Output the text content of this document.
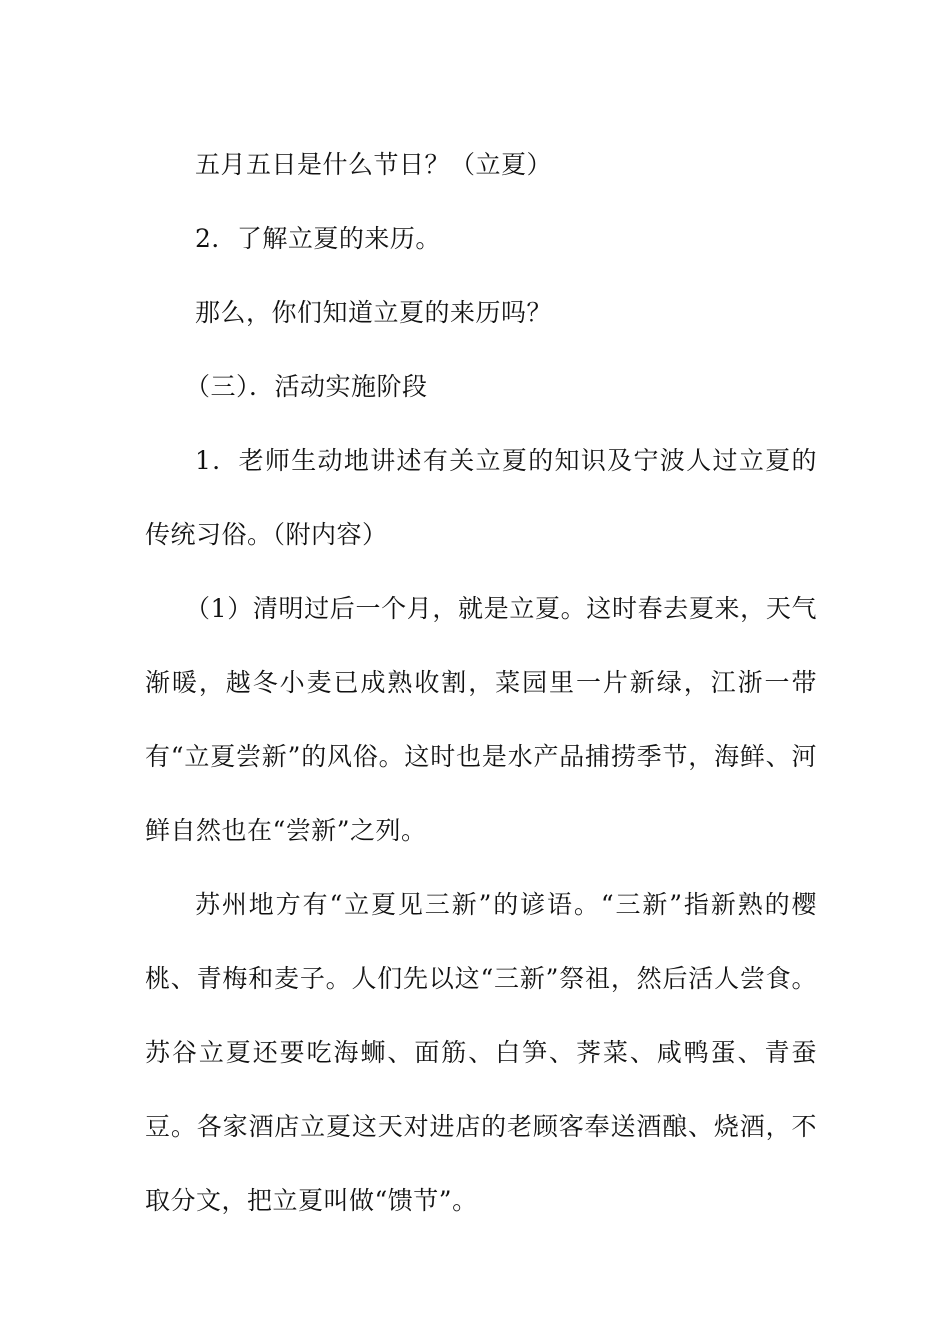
五月五日是什么节日？（立夏）

2．了解立夏的来历。

那么，你们知道立夏的来历吗？

（三）．活动实施阶段

1．老师生动地讲述有关立夏的知识及宁波人过立夏的传统习俗。（附内容）

（1）清明过后一个月，就是立夏。这时春去夏来，天气渐暖，越冬小麦已成熟收割，菜园里一片新绿，江浙一带有“立夏尝新”的风俗。这时也是水产品捕捞季节，海鲜、河鲜自然也在“尝新”之列。

苏州地方有“立夏见三新”的谚语。“三新”指新熟的樱桃、青梅和麦子。人们先以这“三新”祭祖，然后活人尝食。苏谷立夏还要吃海蛳、面筋、白笋、荠菜、咸鸭蛋、青蚕豆。各家酒店立夏这天对进店的老顾客奉送酒酿、烧酒，不取分文，把立夏叫做“馈节”。
